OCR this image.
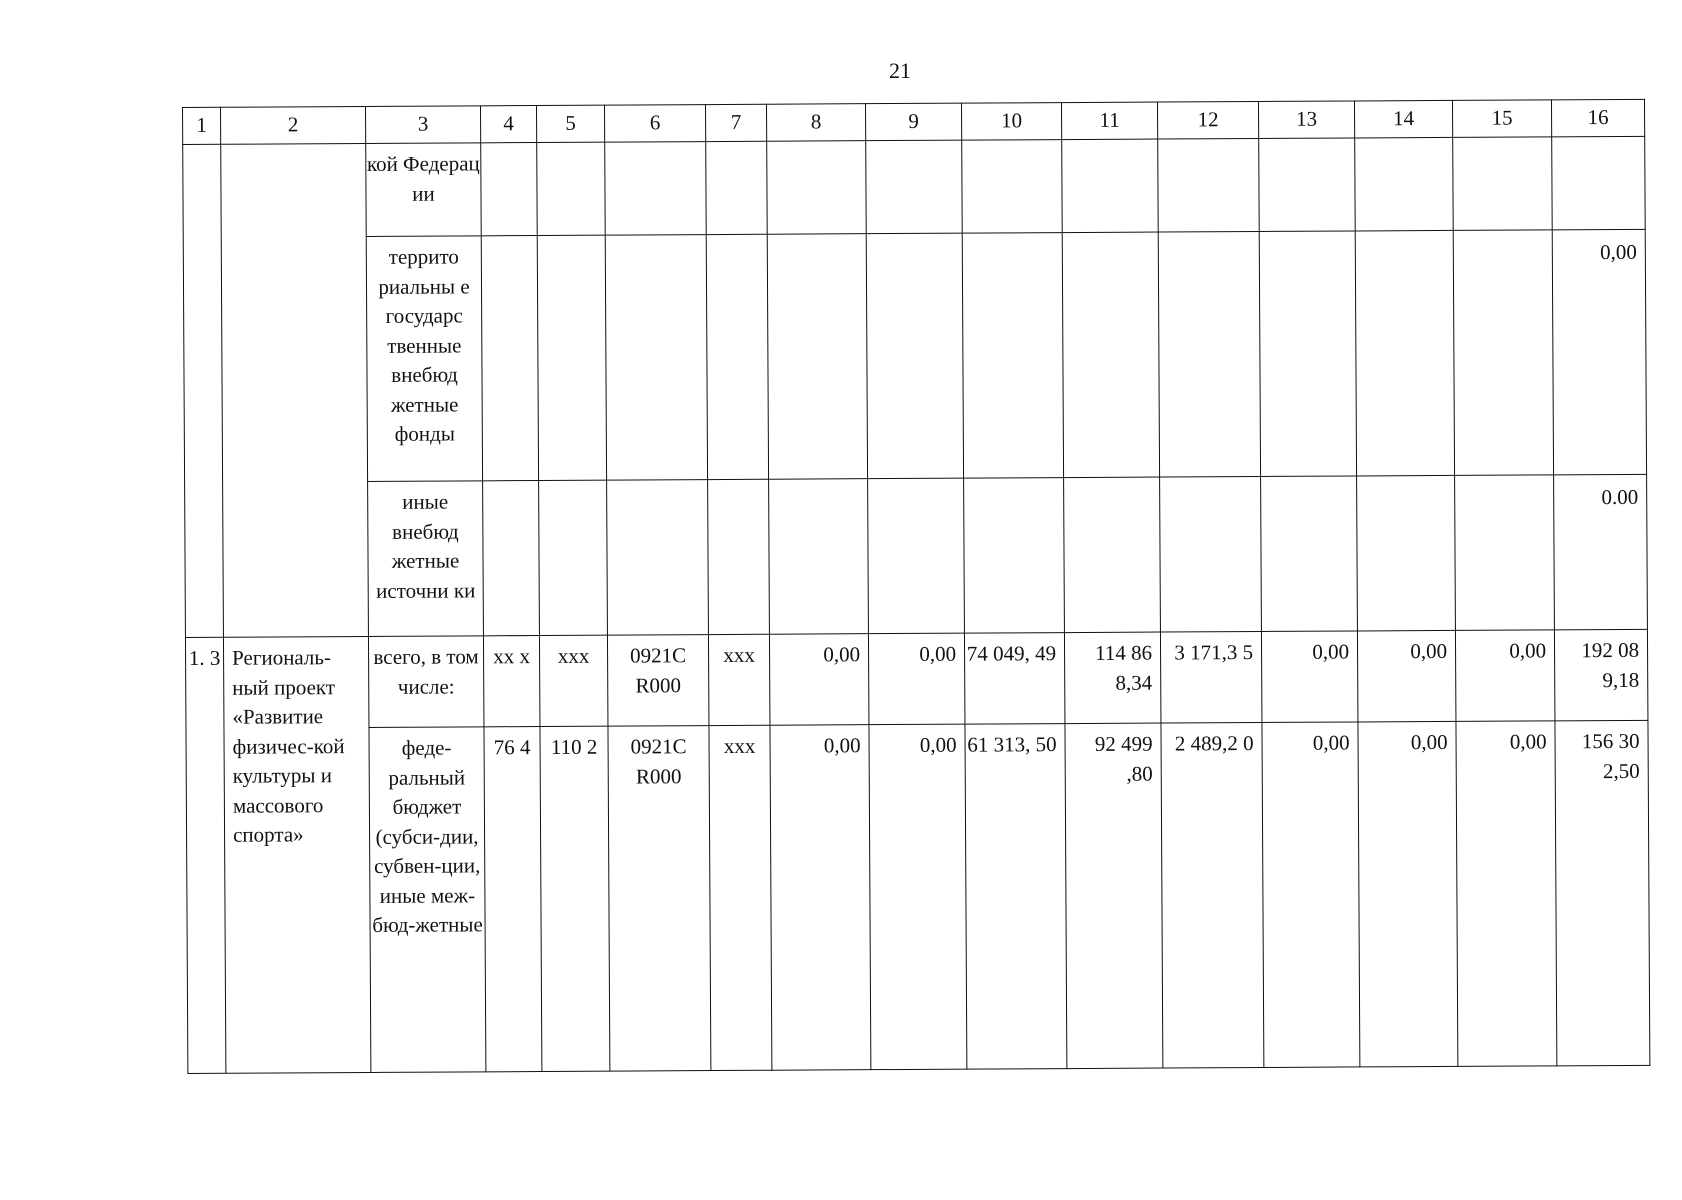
21
1	2	3	4	5	6	7	8	9	10	11	12	13	14	15	16
		кой Федерац ии													
		террито риальны е государс твенные внебюд жетные фонды													0,00
		иные внебюд жетные источни ки													0.00
1. 3	Региональ-ный проект «Развитие физичес-кой культуры и массового спорта»	всего, в том числе:	xx x	xxx	0921C R000	xxx	0,00	0,00	74 049, 49	114 86 8,34	3 171,3 5	0,00	0,00	0,00	192 08 9,18
		феде-ральный бюджет (субси-дии, субвен-ции, иные меж-бюд-жетные	76 4	110 2	0921C R000	xxx	0,00	0,00	61 313, 50	92 499 ,80	2 489,2 0	0,00	0,00	0,00	156 30 2,50
